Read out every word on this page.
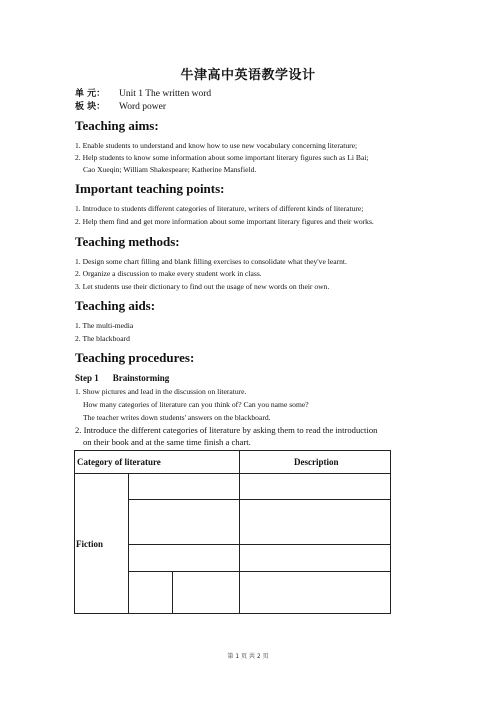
牛津高中英语教学设计
单 元： Unit 1 The written word
板 块： Word power
Teaching aims:
1. Enable students to understand and know how to use new vocabulary concerning literature;
2. Help students to know some information about some important literary figures such as Li Bai;
Cao Xueqin; William Shakespeare; Katherine Mansfield.
Important teaching points:
1. Introduce to students different categories of literature, writers of different kinds of literature;
2. Help them find and get more information about some important literary figures and their works.
Teaching methods:
1. Design some chart filling and blank filling exercises to consolidate what they've learnt.
2. Organize a discussion to make every student work in class.
3. Let students use their dictionary to find out the usage of new words on their own.
Teaching aids:
1. The multi-media
2. The blackboard
Teaching procedures:
Step 1 Brainstorming
1. Show pictures and lead in the discussion on literature.
How many categories of literature can you think of? Can you name some?
The teacher writes down students' answers on the blackboard.
2. Introduce the different categories of literature by asking them to read the introduction
on their book and at the same time finish a chart.
Category of literature			Description
Fiction			

第 1 页 共 2 页
